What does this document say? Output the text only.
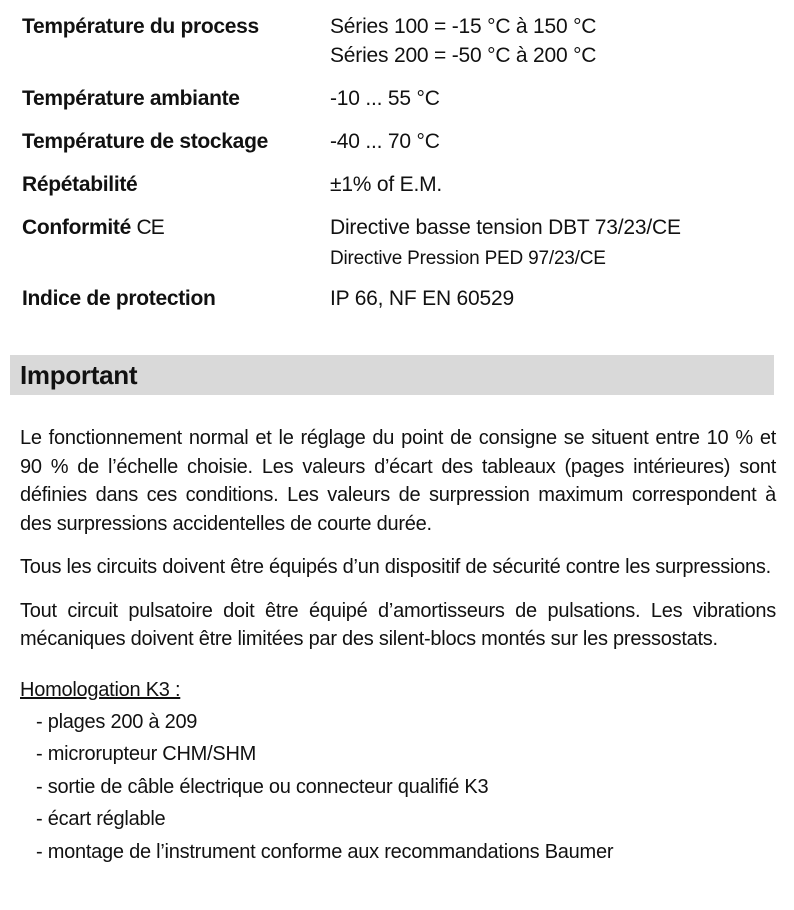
Température du process	Séries 100 = -15 °C à 150 °C
Séries 200 = -50 °C à 200 °C
Température ambiante	-10 ... 55 °C
Température de stockage	-40 ... 70 °C
Répétabilité	±1% of E.M.
Conformité CE	Directive basse tension DBT 73/23/CE
Directive Pression PED 97/23/CE
Indice de protection	IP 66, NF EN 60529
Important

Le fonctionnement normal et le réglage du point de consigne se situent entre 10 % et 90 % de l’échelle choisie. Les valeurs d’écart des tableaux (pages intérieures) sont définies dans ces conditions. Les valeurs de surpression maximum correspondent à des surpressions accidentelles de courte durée.

Tous les circuits doivent être équipés d’un dispositif de sécurité contre les surpressions.

Tout circuit pulsatoire doit être équipé d’amortisseurs de pulsations. Les vibrations mécaniques doivent être limitées par des silent-blocs montés sur les pressostats.

Homologation K3 :
- plages 200 à 209
- microrupteur CHM/SHM
- sortie de câble électrique ou connecteur qualifié K3
- écart réglable
- montage de l’instrument conforme aux recommandations Baumer
